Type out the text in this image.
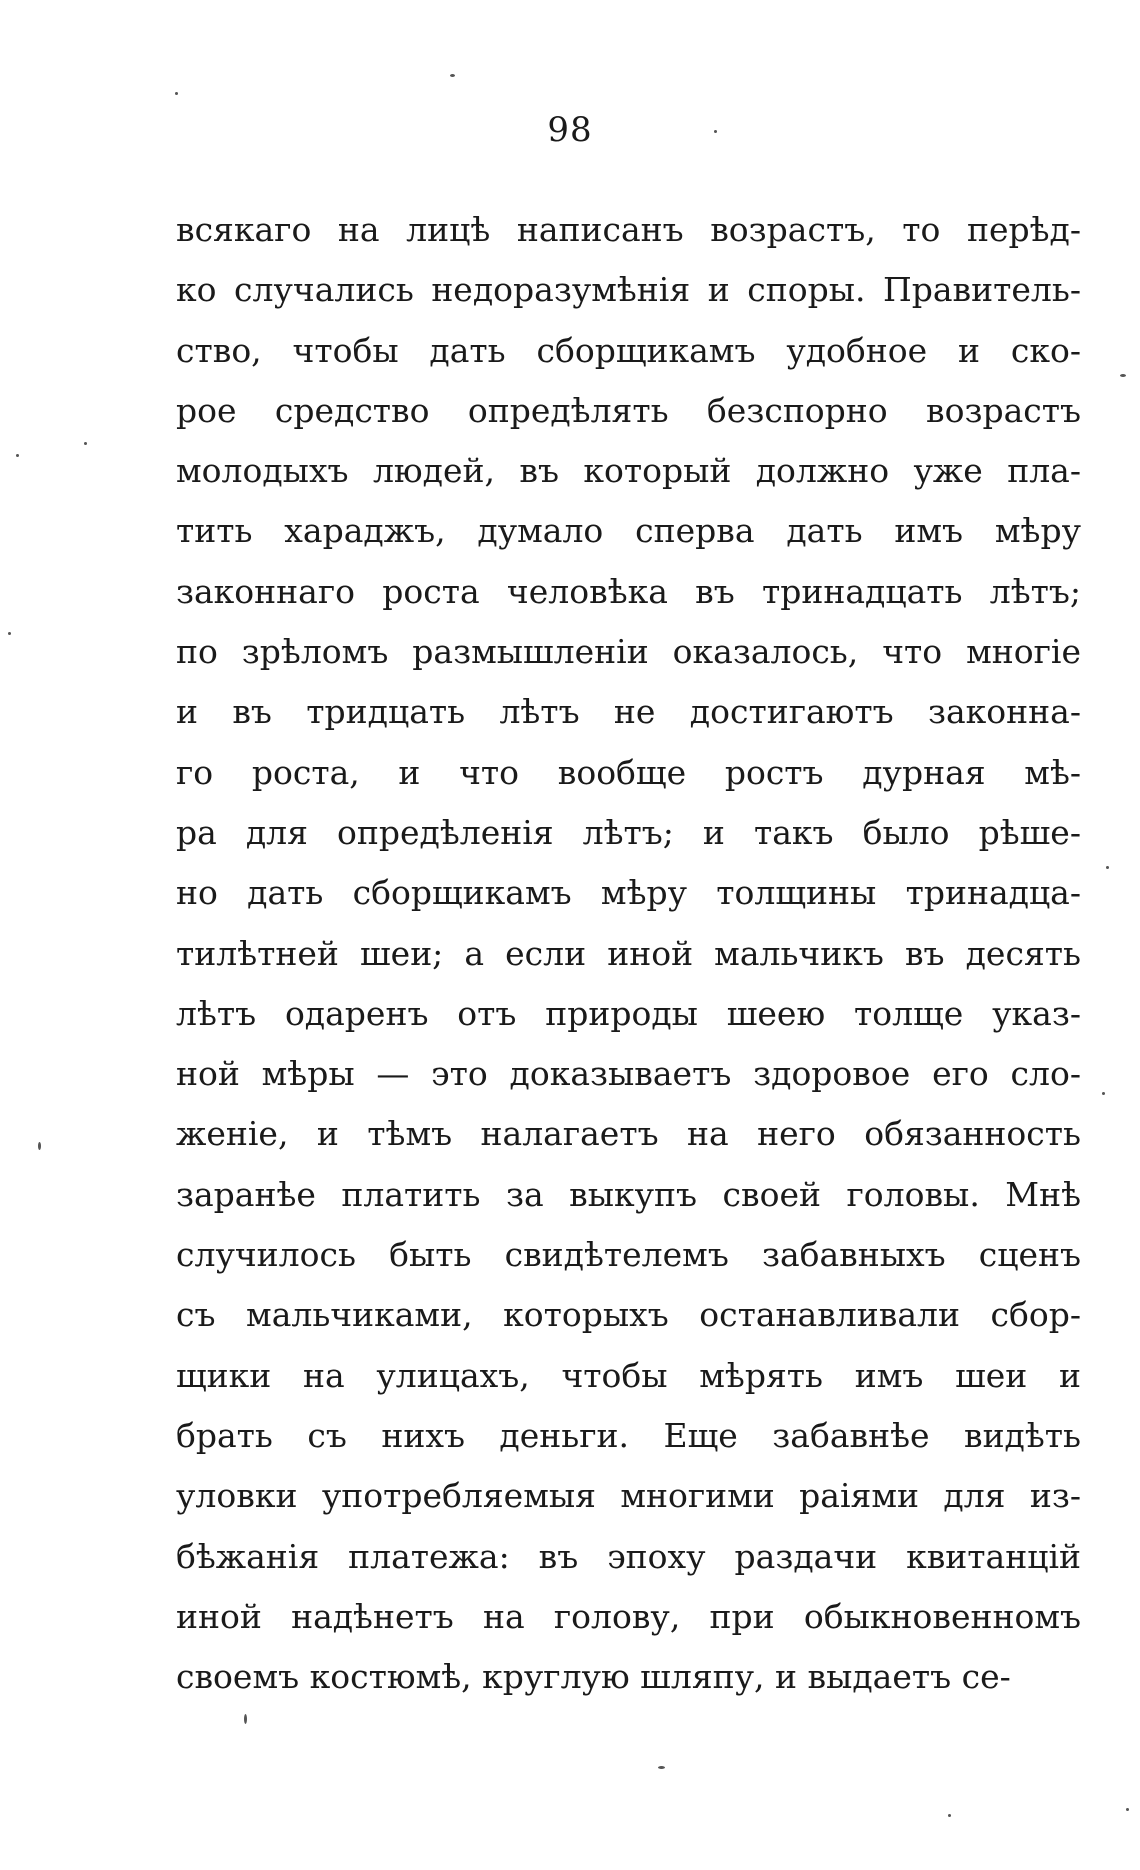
98
всякаго на лицѣ написанъ возрастъ, то перѣд-
ко случались недоразумѣнія и споры. Правитель-
ство, чтобы дать сборщикамъ удобное и ско-
рое средство опредѣлять безспорно возрастъ
молодыхъ людей, въ который должно уже пла-
тить хараджъ, думало сперва дать имъ мѣру
законнаго роста человѣка въ тринадцать лѣтъ;
по зрѣломъ размышленіи оказалось, что многіе
и въ тридцать лѣтъ не достигаютъ законна-
го роста, и что вообще ростъ дурная мѣ-
ра для опредѣленія лѣтъ; и такъ было рѣше-
но дать сборщикамъ мѣру толщины тринадца-
тилѣтней шеи; а если иной мальчикъ въ десять
лѣтъ одаренъ отъ природы шеею толще указ-
ной мѣры — это доказываетъ здоровое его сло-
женіе, и тѣмъ налагаетъ на него обязанность
заранѣе платить за выкупъ своей головы. Мнѣ
случилось быть свидѣтелемъ забавныхъ сценъ
съ мальчиками, которыхъ останавливали сбор-
щики на улицахъ, чтобы мѣрять имъ шеи и
брать съ нихъ деньги. Еще забавнѣе видѣть
уловки употребляемыя многими раіями для из-
бѣжанія платежа: въ эпоху раздачи квитанцій
иной надѣнетъ на голову, при обыкновенномъ
своемъ костюмѣ, круглую шляпу, и выдаетъ се-
